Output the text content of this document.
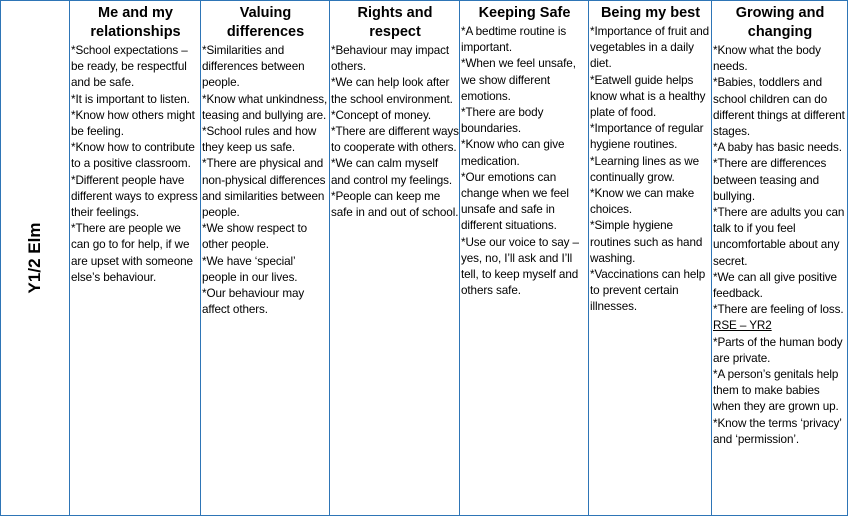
Y1/2 Elm
Me and my relationships
*School expectations – be ready, be respectful and be safe.
*It is important to listen.
*Know how others might be feeling.
*Know how to contribute to a positive classroom.
*Different people have different ways to express their feelings.
*There are people we can go to for help, if we are upset with someone else’s behaviour.
Valuing differences
*Similarities and differences between people.
*Know what unkindness, teasing and bullying are.
*School rules and how they keep us safe.
*There are physical and non-physical differences and similarities between people.
*We show respect to other people.
*We have ‘special’ people in our lives.
*Our behaviour may affect others.
Rights and respect
*Behaviour may impact others.
*We can help look after the school environment.
*Concept of money.
*There are different ways to cooperate with others.
*We can calm myself and control my feelings.
*People can keep me safe in and out of school.
Keeping Safe
*A bedtime routine is important.
*When we feel unsafe, we show different emotions.
*There are body boundaries.
*Know who can give medication.
*Our emotions can change when we feel unsafe and safe in different situations.
*Use our voice to say – yes, no, I’ll ask and I’ll tell, to keep myself and others safe.
Being my best
*Importance of fruit and vegetables in a daily diet.
*Eatwell guide helps know what is a healthy plate of food.
*Importance of regular hygiene routines.
*Learning lines as we continually grow.
*Know we can make choices.
*Simple hygiene routines such as hand washing.
*Vaccinations can help to prevent certain illnesses.
Growing and changing
*Know what the body needs.
*Babies, toddlers and school children can do different things at different stages.
*A baby has basic needs.
*There are differences between teasing and bullying.
*There are adults you can talk to if you feel uncomfortable about any secret.
*We can all give positive feedback.
*There are feeling of loss.
RSE – YR2
*Parts of the human body are private.
*A person’s genitals help them to make babies when they are grown up.
*Know the terms ‘privacy’ and ‘permission’.
